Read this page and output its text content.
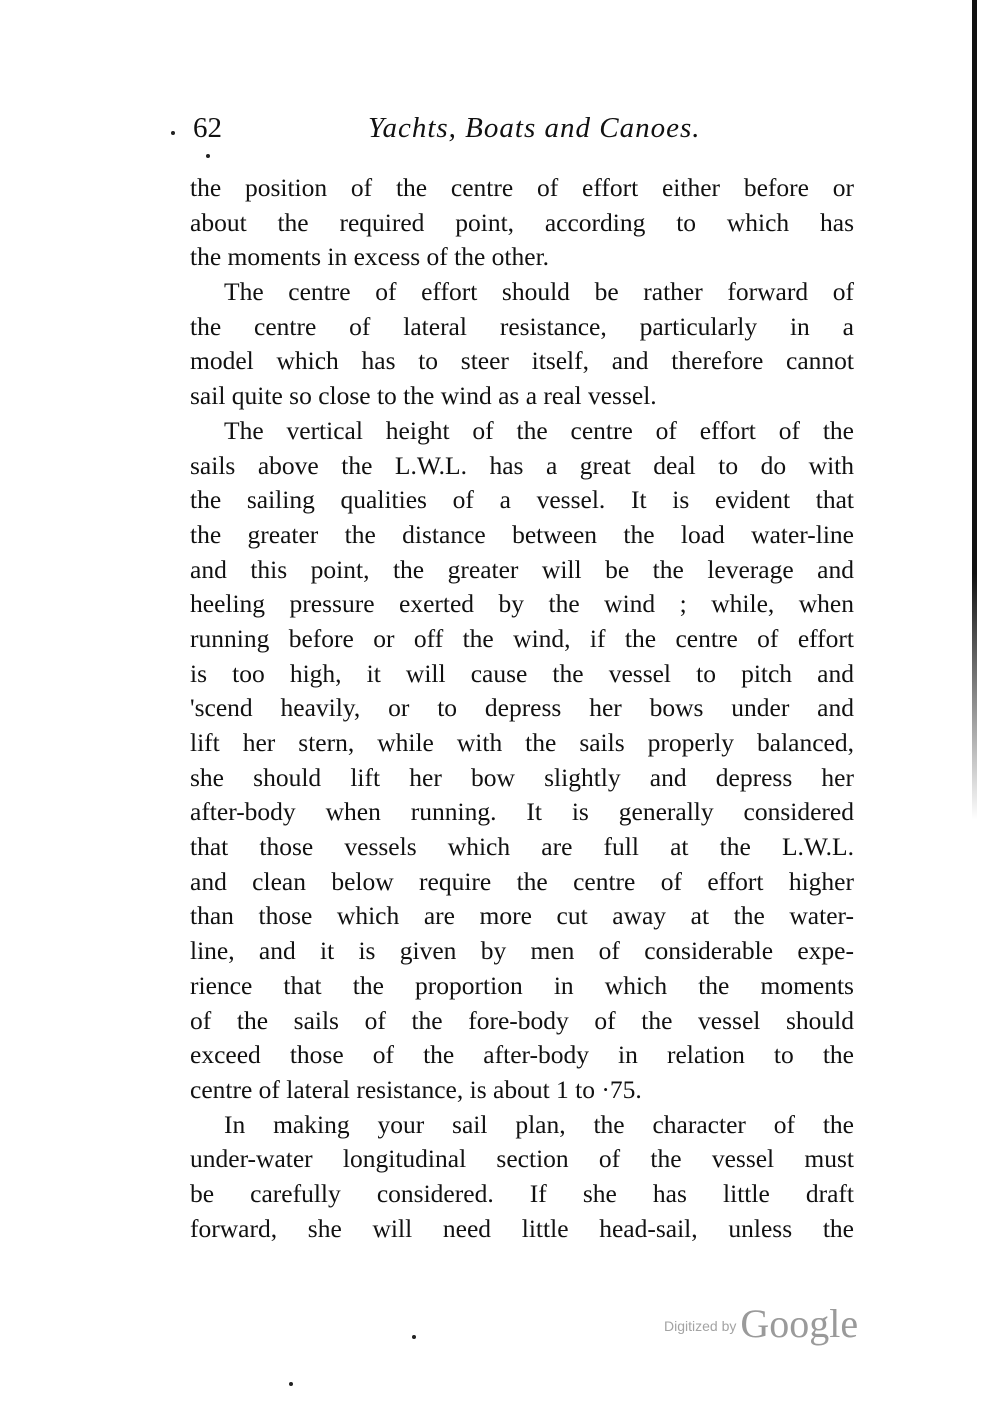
62	Yachts, Boats and Canoes.
the position of the centre of effort either before or
about the required point, according to which has
the moments in excess of the other.
The centre of effort should be rather forward of
the centre of lateral resistance, particularly in a
model which has to steer itself, and therefore cannot
sail quite so close to the wind as a real vessel.
The vertical height of the centre of effort of the
sails above the L.W.L. has a great deal to do with
the sailing qualities of a vessel. It is evident that
the greater the distance between the load water-line
and this point, the greater will be the leverage and
heeling pressure exerted by the wind ; while, when
running before or off the wind, if the centre of effort
is too high, it will cause the vessel to pitch and
'scend heavily, or to depress her bows under and
lift her stern, while with the sails properly balanced,
she should lift her bow slightly and depress her
after-body when running. It is generally considered
that those vessels which are full at the L.W.L.
and clean below require the centre of effort higher
than those which are more cut away at the water-
line, and it is given by men of considerable expe-
rience that the proportion in which the moments
of the sails of the fore-body of the vessel should
exceed those of the after-body in relation to the
centre of lateral resistance, is about 1 to ·75.
In making your sail plan, the character of the
under-water longitudinal section of the vessel must
be carefully considered. If she has little draft
forward, she will need little head-sail, unless the
Digitized by Google
